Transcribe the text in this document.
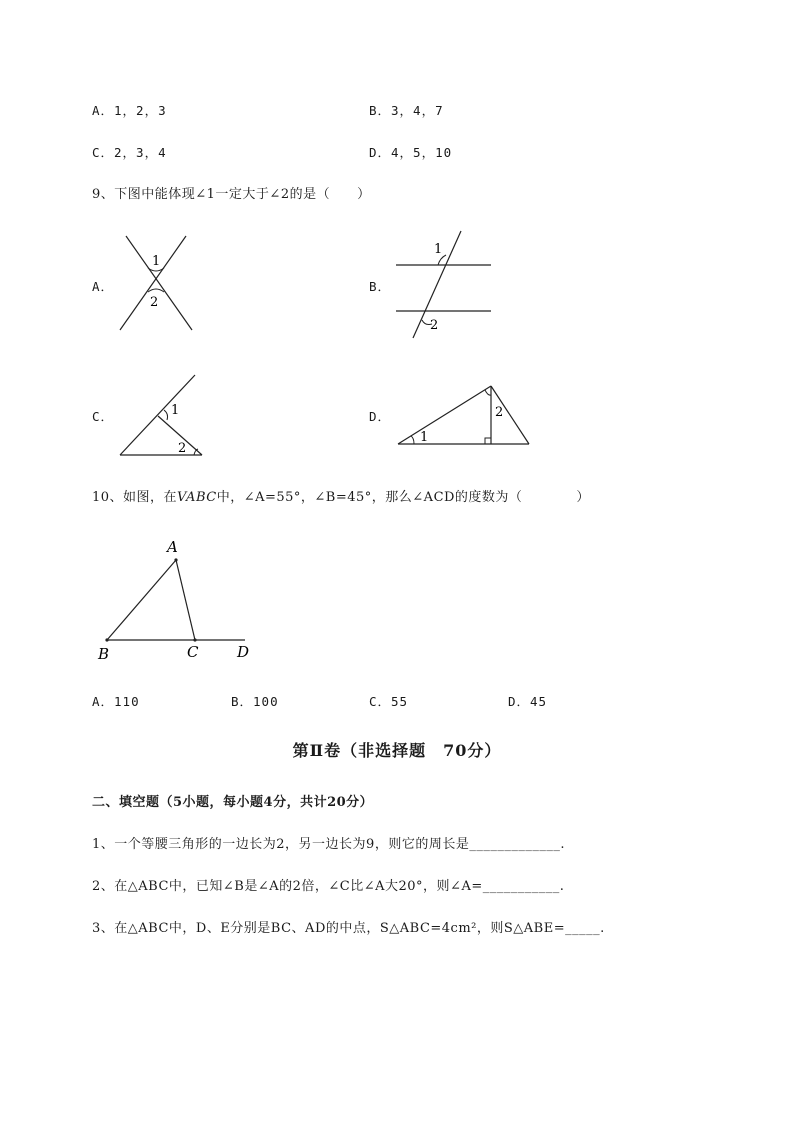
A．1，2，3	B．3，4，7
C．2，3，4	D．4，5，10
9、下图中能体现∠1一定大于∠2的是（　　）
A．
1
2
B．
1
2
C．	1
2
D．
1
2
10、如图，在VABC中，∠A=55°，∠B=45°，那么∠ACD的度数为（　　　　）
A
B	C	D
A．110	B．100	C．55	D．45
第Ⅱ卷（非选择题　70分）
二、填空题（5小题，每小题4分，共计20分）
1、一个等腰三角形的一边长为2，另一边长为9，则它的周长是_____________.
2、在△ABC中，已知∠B是∠A的2倍，∠C比∠A大20°，则∠A=___________.
3、在△ABC中，D、E分别是BC、AD的中点，S△ABC=4cm²，则S△ABE=_____.
